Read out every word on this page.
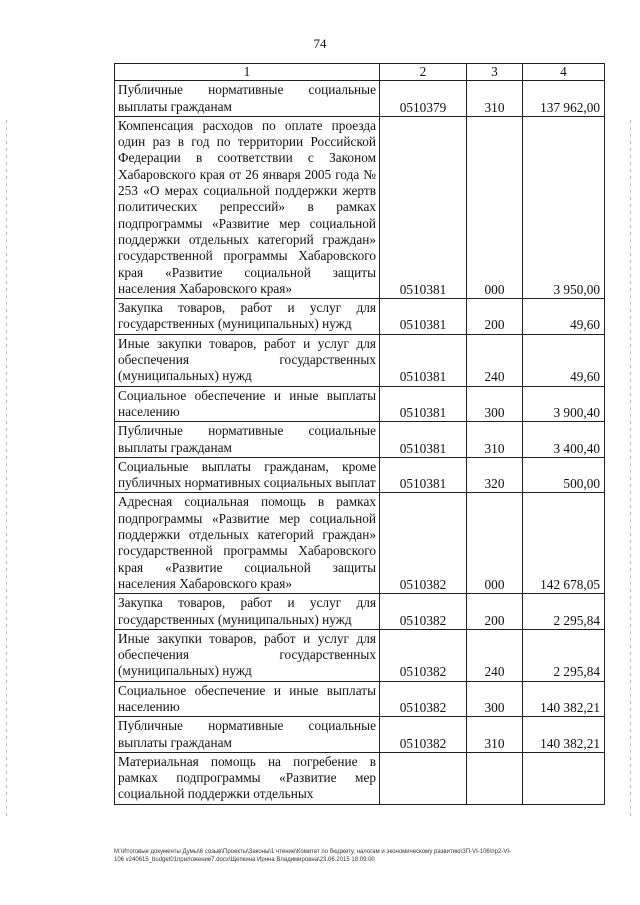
74
1	2	3	4
Публичные нормативные социальные выплаты гражданам	0510379	310	137 962,00
Компенсация расходов по оплате проезда один раз в год по территории Российской Федерации в соответствии с Законом Хабаровского края от 26 января 2005 года № 253 «О мерах социальной поддержки жертв политических репрессий» в рамках подпрограммы «Развитие мер социальной поддержки отдельных категорий граждан» государственной программы Хабаровского края «Развитие социальной защиты населения Хабаровского края»	0510381	000	3 950,00
Закупка товаров, работ и услуг для государственных (муниципальных) нужд	0510381	200	49,60
Иные закупки товаров, работ и услуг для обеспечения государственных (муниципальных) нужд	0510381	240	49,60
Социальное обеспечение и иные выплаты населению	0510381	300	3 900,40
Публичные нормативные социальные выплаты гражданам	0510381	310	3 400,40
Социальные выплаты гражданам, кроме публичных нормативных социальных выплат	0510381	320	500,00
Адресная социальная помощь в рамках подпрограммы «Развитие мер социальной поддержки отдельных категорий граждан» государственной программы Хабаровского края «Развитие социальной защиты населения Хабаровского края»	0510382	000	142 678,05
Закупка товаров, работ и услуг для государственных (муниципальных) нужд	0510382	200	2 295,84
Иные закупки товаров, работ и услуг для обеспечения государственных (муниципальных) нужд	0510382	240	2 295,84
Социальное обеспечение и иные выплаты населению	0510382	300	140 382,21
Публичные нормативные социальные выплаты гражданам	0510382	310	140 382,21
Материальная помощь на погребение в рамках подпрограммы «Развитие мер социальной поддержки отдельных			
М:\Итоговые документы Думы\6 созыв\Проекты\Законы\1 чтение\Комитет по бюджету, налогам и экономическому развитию\ЗП-VI-106\пр2-VI-
106 v240615_budget01приложение7.docx\Щепкина Ирина Владимировна\23.06.2015 18:09:00
